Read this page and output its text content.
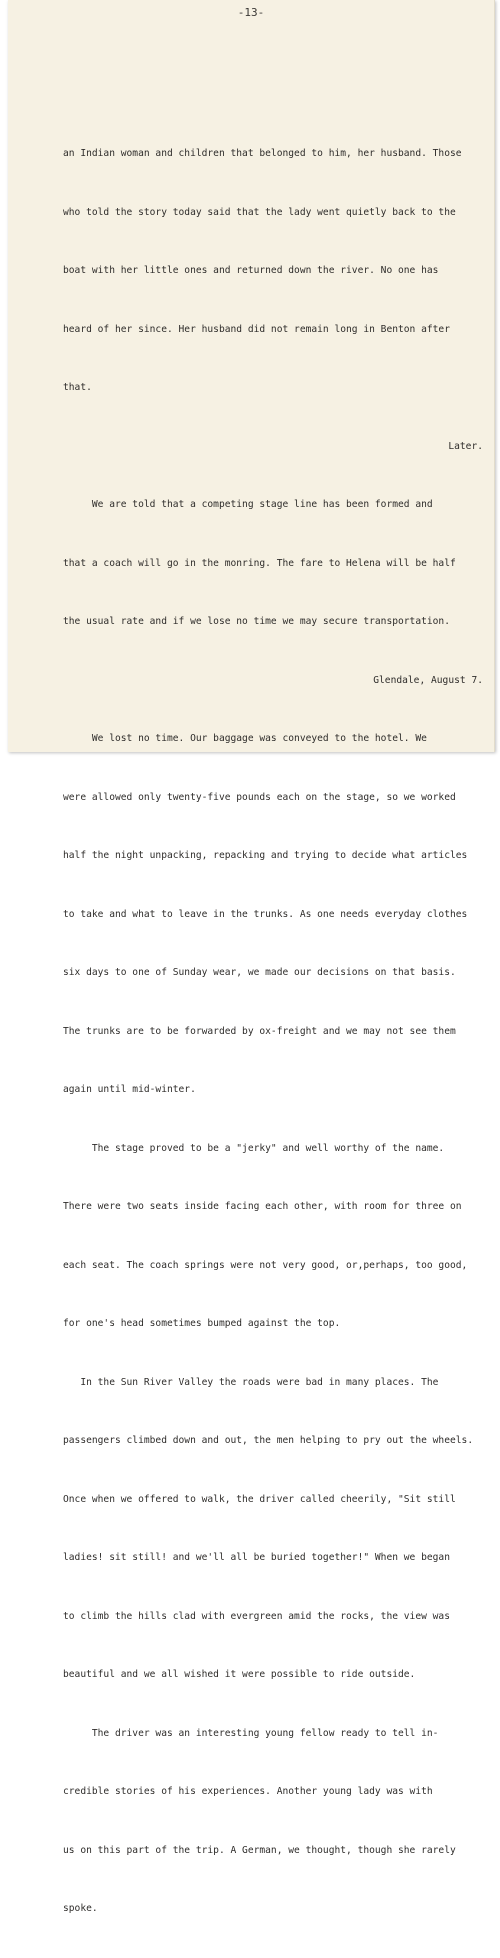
-13-

an Indian woman and children that belonged to him, her husband. Those

who told the story today said that the lady went quietly back to the

boat with her little ones and returned down the river. No one has

heard of her since. Her husband did not remain long in Benton after

that.

Later.

We are told that a competing stage line has been formed and

that a coach will go in the monring. The fare to Helena will be half

the usual rate and if we lose no time we may secure transportation.

Glendale, August 7.

We lost no time. Our baggage was conveyed to the hotel. We

were allowed only twenty-five pounds each on the stage, so we worked

half the night unpacking, repacking and trying to decide what articles

to take and what to leave in the trunks. As one needs everyday clothes

six days to one of Sunday wear, we made our decisions on that basis.

The trunks are to be forwarded by ox-freight and we may not see them

again until mid-winter.

The stage proved to be a "jerky" and well worthy of the name.

There were two seats inside facing each other, with room for three on

each seat. The coach springs were not very good, or,perhaps, too good,

for one's head sometimes bumped against the top.

In the Sun River Valley the roads were bad in many places. The

passengers climbed down and out, the men helping to pry out the wheels.

Once when we offered to walk, the driver called cheerily, "Sit still

ladies! sit still! and we'll all be buried together!" When we began

to climb the hills clad with evergreen amid the rocks, the view was

beautiful and we all wished it were possible to ride outside.

The driver was an interesting young fellow ready to tell in-

credible stories of his experiences. Another young lady was with

us on this part of the trip. A German, we thought, though she rarely

spoke.
